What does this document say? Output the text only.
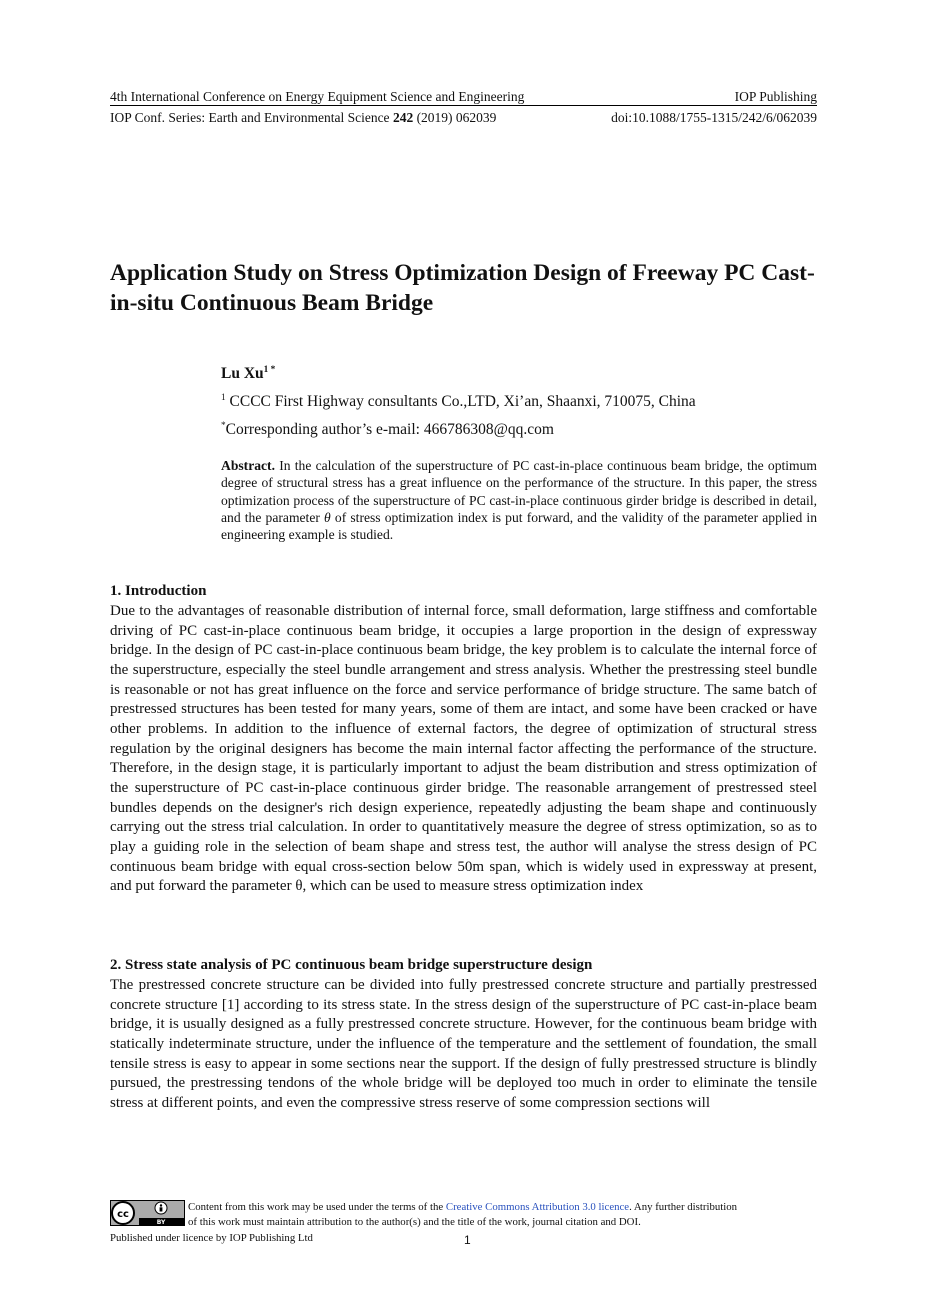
4th International Conference on Energy Equipment Science and Engineering	IOP Publishing
IOP Conf. Series: Earth and Environmental Science 242 (2019) 062039	doi:10.1088/1755-1315/242/6/062039
Application Study on Stress Optimization Design of Freeway PC Cast-in-situ Continuous Beam Bridge
Lu $Xu^{1 *}$
$^1$ CCCC First Highway consultants Co.,LTD, Xi’an, Shaanxi, 710075, China
*Corresponding author’s e-mail: 466786308@qq.com
Abstract. In the calculation of the superstructure of PC cast-in-place continuous beam bridge, the optimum degree of structural stress has a great influence on the performance of the structure. In this paper, the stress optimization process of the superstructure of PC cast-in-place continuous girder bridge is described in detail, and the parameter θ of stress optimization index is put forward, and the validity of the parameter applied in engineering example is studied.
1. Introduction
Due to the advantages of reasonable distribution of internal force, small deformation, large stiffness and comfortable driving of PC cast-in-place continuous beam bridge, it occupies a large proportion in the design of expressway bridge. In the design of PC cast-in-place continuous beam bridge, the key problem is to calculate the internal force of the superstructure, especially the steel bundle arrangement and stress analysis. Whether the prestressing steel bundle is reasonable or not has great influence on the force and service performance of bridge structure. The same batch of prestressed structures has been tested for many years, some of them are intact, and some have been cracked or have other problems. In addition to the influence of external factors, the degree of optimization of structural stress regulation by the original designers has become the main internal factor affecting the performance of the structure. Therefore, in the design stage, it is particularly important to adjust the beam distribution and stress optimization of the superstructure of PC cast-in-place continuous girder bridge. The reasonable arrangement of prestressed steel bundles depends on the designer's rich design experience, repeatedly adjusting the beam shape and continuously carrying out the stress trial calculation. In order to quantitatively measure the degree of stress optimization, so as to play a guiding role in the selection of beam shape and stress test, the author will analyse the stress design of PC continuous beam bridge with equal cross-section below 50m span, which is widely used in expressway at present, and put forward the parameter θ, which can be used to measure stress optimization index
2. Stress state analysis of PC continuous beam bridge superstructure design
The prestressed concrete structure can be divided into fully prestressed concrete structure and partially prestressed concrete structure [1] according to its stress state. In the stress design of the superstructure of PC cast-in-place beam bridge, it is usually designed as a fully prestressed concrete structure. However, for the continuous beam bridge with statically indeterminate structure, under the influence of the temperature and the settlement of foundation, the small tensile stress is easy to appear in some sections near the support. If the design of fully prestressed structure is blindly pursued, the prestressing tendons of the whole bridge will be deployed too much in order to eliminate the tensile stress at different points, and even the compressive stress reserve of some compression sections will
cc
BY
Content from this work may be used under the terms of the Creative Commons Attribution 3.0 licence. Any further distribution
of this work must maintain attribution to the author(s) and the title of the work, journal citation and DOI.
Published under licence by IOP Publishing Ltd	1
